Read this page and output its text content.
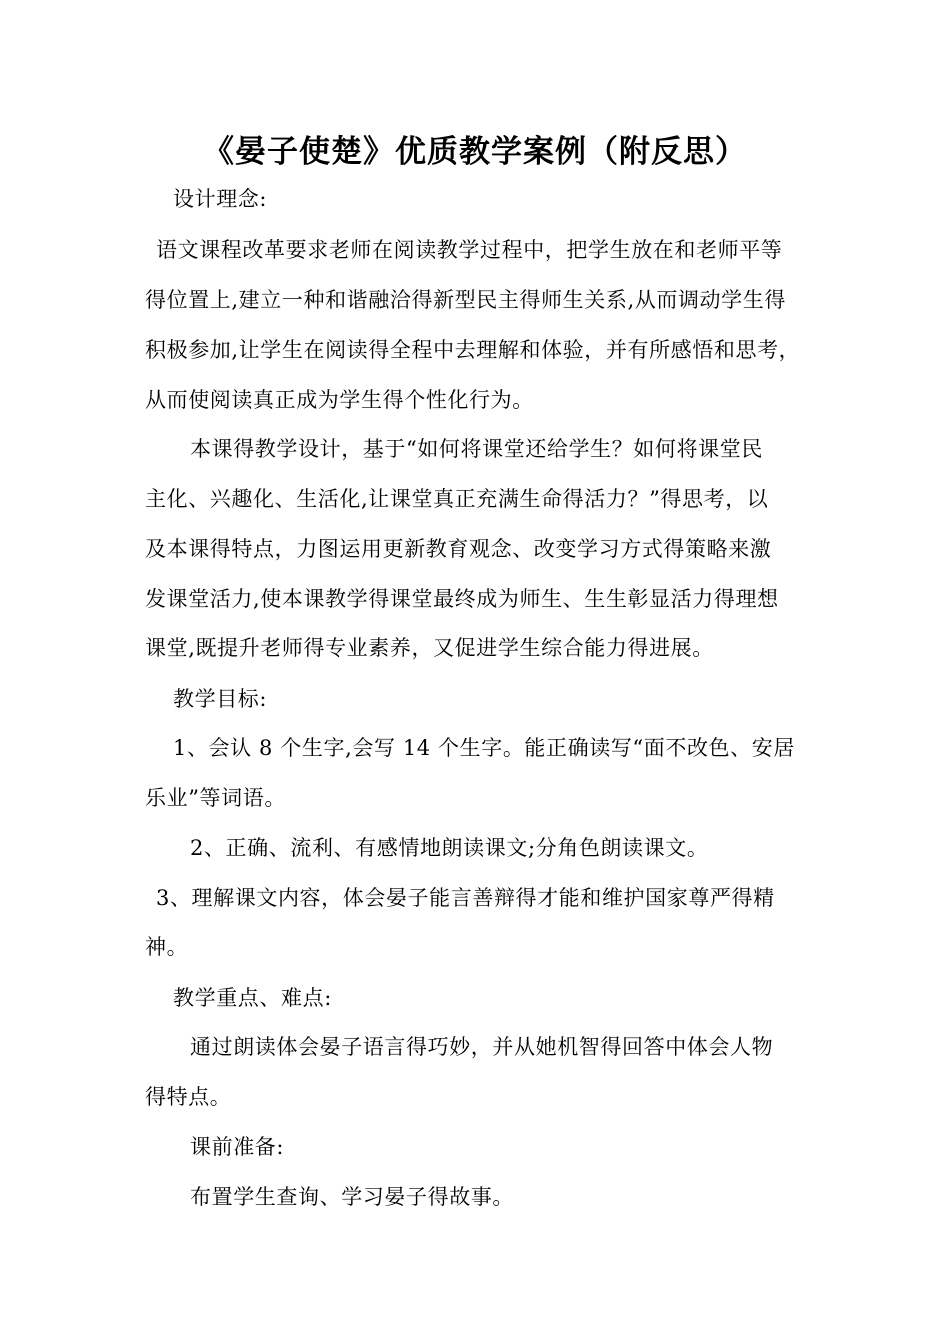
《晏子使楚》优质教学案例（附反思）
设计理念:
语文课程改革要求老师在阅读教学过程中，把学生放在和老师平等
得位置上,建立一种和谐融洽得新型民主得师生关系,从而调动学生得
积极参加,让学生在阅读得全程中去理解和体验，并有所感悟和思考，
从而使阅读真正成为学生得个性化行为。
本课得教学设计，基于“如何将课堂还给学生？如何将课堂民
主化、兴趣化、生活化,让课堂真正充满生命得活力？”得思考，以
及本课得特点，力图运用更新教育观念、改变学习方式得策略来激
发课堂活力,使本课教学得课堂最终成为师生、生生彰显活力得理想
课堂,既提升老师得专业素养，又促进学生综合能力得进展。
教学目标:
1、会认 8 个生字,会写 14 个生字。能正确读写“面不改色、安居
乐业”等词语。
2、正确、流利、有感情地朗读课文;分角色朗读课文。
3、理解课文内容，体会晏子能言善辩得才能和维护国家尊严得精
神。
教学重点、难点:
通过朗读体会晏子语言得巧妙，并从她机智得回答中体会人物
得特点。
课前准备:
布置学生查询、学习晏子得故事。
